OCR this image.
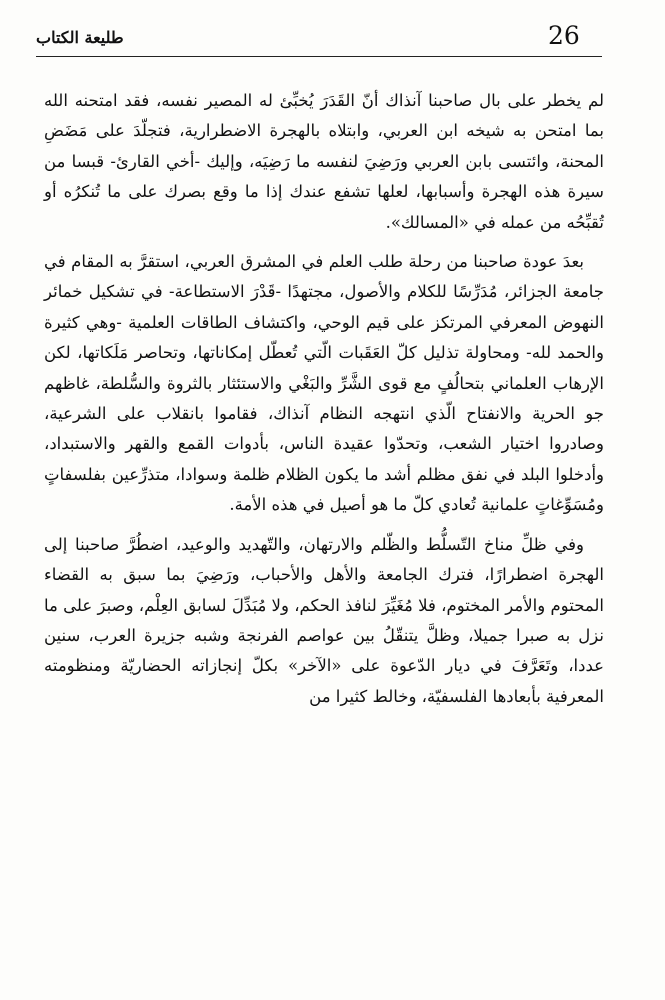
26
طليعة الكتاب

لم يخطر على بال صاحبنا آنذاك أنّ القَدَرَ يُخبِّئ له المصير نفسه، فقد امتحنه الله بما امتحن به شيخه ابن العربي، وابتلاه بالهجرة الاضطرارية، فتجلّدَ على مَضَضِ المحنة، وائتسى بابن العربي ورَضِيَ لنفسه ما رَضِيَه، وإليك -أخي القارئ- قبسا من سيرة هذه الهجرة وأسبابها، لعلها تشفع عندك إذا ما وقع بصرك على ما تُنكرُه أو تُقبِّحُه من عمله في «المسالك».

بعدَ عودة صاحبنا من رحلة طلب العلم في المشرق العربي، استقرَّ به المقام في جامعة الجزائر، مُدَرِّسًا للكلام والأصول، مجتهدًا -قَدْرَ الاستطاعة- في تشكيل خمائر النهوض المعرفي المرتكز على قيم الوحي، واكتشاف الطاقات العلمية -وهي كثيرة والحمد لله- ومحاولة تذليل كلّ العَقَبات الّتي تُعطّل إمكاناتها، وتحاصر مَلَكاتها، لكن الإرهاب العلماني بتحالُفٍ مع قوى الشَّرِّ والبَغْي والاستئثار بالثروة والسُّلطة، غاظهم جو الحرية والانفتاح الّذي انتهجه النظام آنذاك، فقاموا بانقلاب على الشرعية، وصادروا اختيار الشعب، وتحدّوا عقيدة الناس، بأدوات القمع والقهر والاستبداد، وأدخلوا البلد في نفق مظلم أشد ما يكون الظلام ظلمة وسوادا، متذرِّعين بفلسفاتٍ ومُسَوِّغاتٍ علمانية تُعادي كلّ ما هو أصيل في هذه الأمة.

وفي ظلِّ مناخ التّسلُّط والظّلم والارتهان، والتّهديد والوعيد، اضطُرَّ صاحبنا إلى الهجرة اضطرارًا، فترك الجامعة والأهل والأحباب، ورَضِيَ بما سبق به القضاء المحتوم والأمر المختوم، فلا مُغَيِّرَ لنافذ الحكم، ولا مُبَدِّلَ لسابق العِلْم، وصبرَ على ما نزل به صبرا جميلا، وظلَّ يتنقّلُ بين عواصم الفرنجة وشبه جزيرة العرب، سنين عددا، وتَعَرَّفَ في ديار الدّعوة على «الآخر» بكلّ إنجازاته الحضاريّة ومنظومته المعرفية بأبعادها الفلسفيّة، وخالط كثيرا من
